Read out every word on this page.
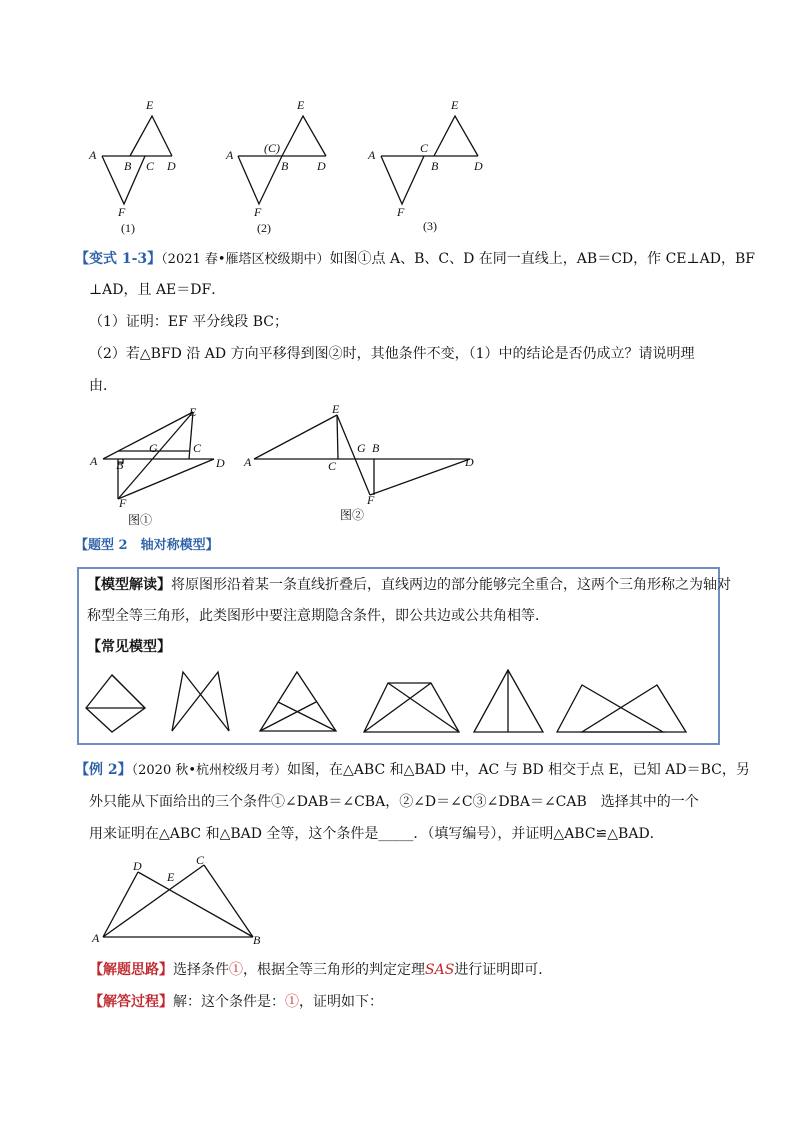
E
A
B C D
F
(1)
E
(C)
A
B D
F
(2)
E
A	C
B	D
F
(3)
【变式 1-3】（2021 春•雁塔区校级期中）如图①点 A、B、C、D 在同一直线上，AB＝CD，作 CE⊥AD，BF
⊥AD，且 AE＝DF．
（1）证明：EF 平分线段 BC；
（2）若△BFD 沿 AD 方向平移得到图②时，其他条件不变，（1）中的结论是否仍成立？请说明理
由．
E
G	C
A B	D
F
图①
E
G B
A	C	D
F
图②
【题型 2　轴对称模型】
【模型解读】将原图形沿着某一条直线折叠后，直线两边的部分能够完全重合，这两个三角形称之为轴对
称型全等三角形，此类图形中要注意期隐含条件，即公共边或公共角相等．
【常见模型】
【例 2】（2020 秋•杭州校级月考）如图，在△ABC 和△BAD 中，AC 与 BD 相交于点 E，已知 AD＝BC，另
外只能从下面给出的三个条件①∠DAB＝∠CBA，②∠D＝∠C③∠DBA＝∠CAB　选择其中的一个
用来证明在△ABC 和△BAD 全等，这个条件是_____．（填写编号），并证明△ABC≌△BAD．
D	C
E
A	B
【解题思路】选择条件①，根据全等三角形的判定定理SAS进行证明即可．
【解答过程】解：这个条件是：①，证明如下：
